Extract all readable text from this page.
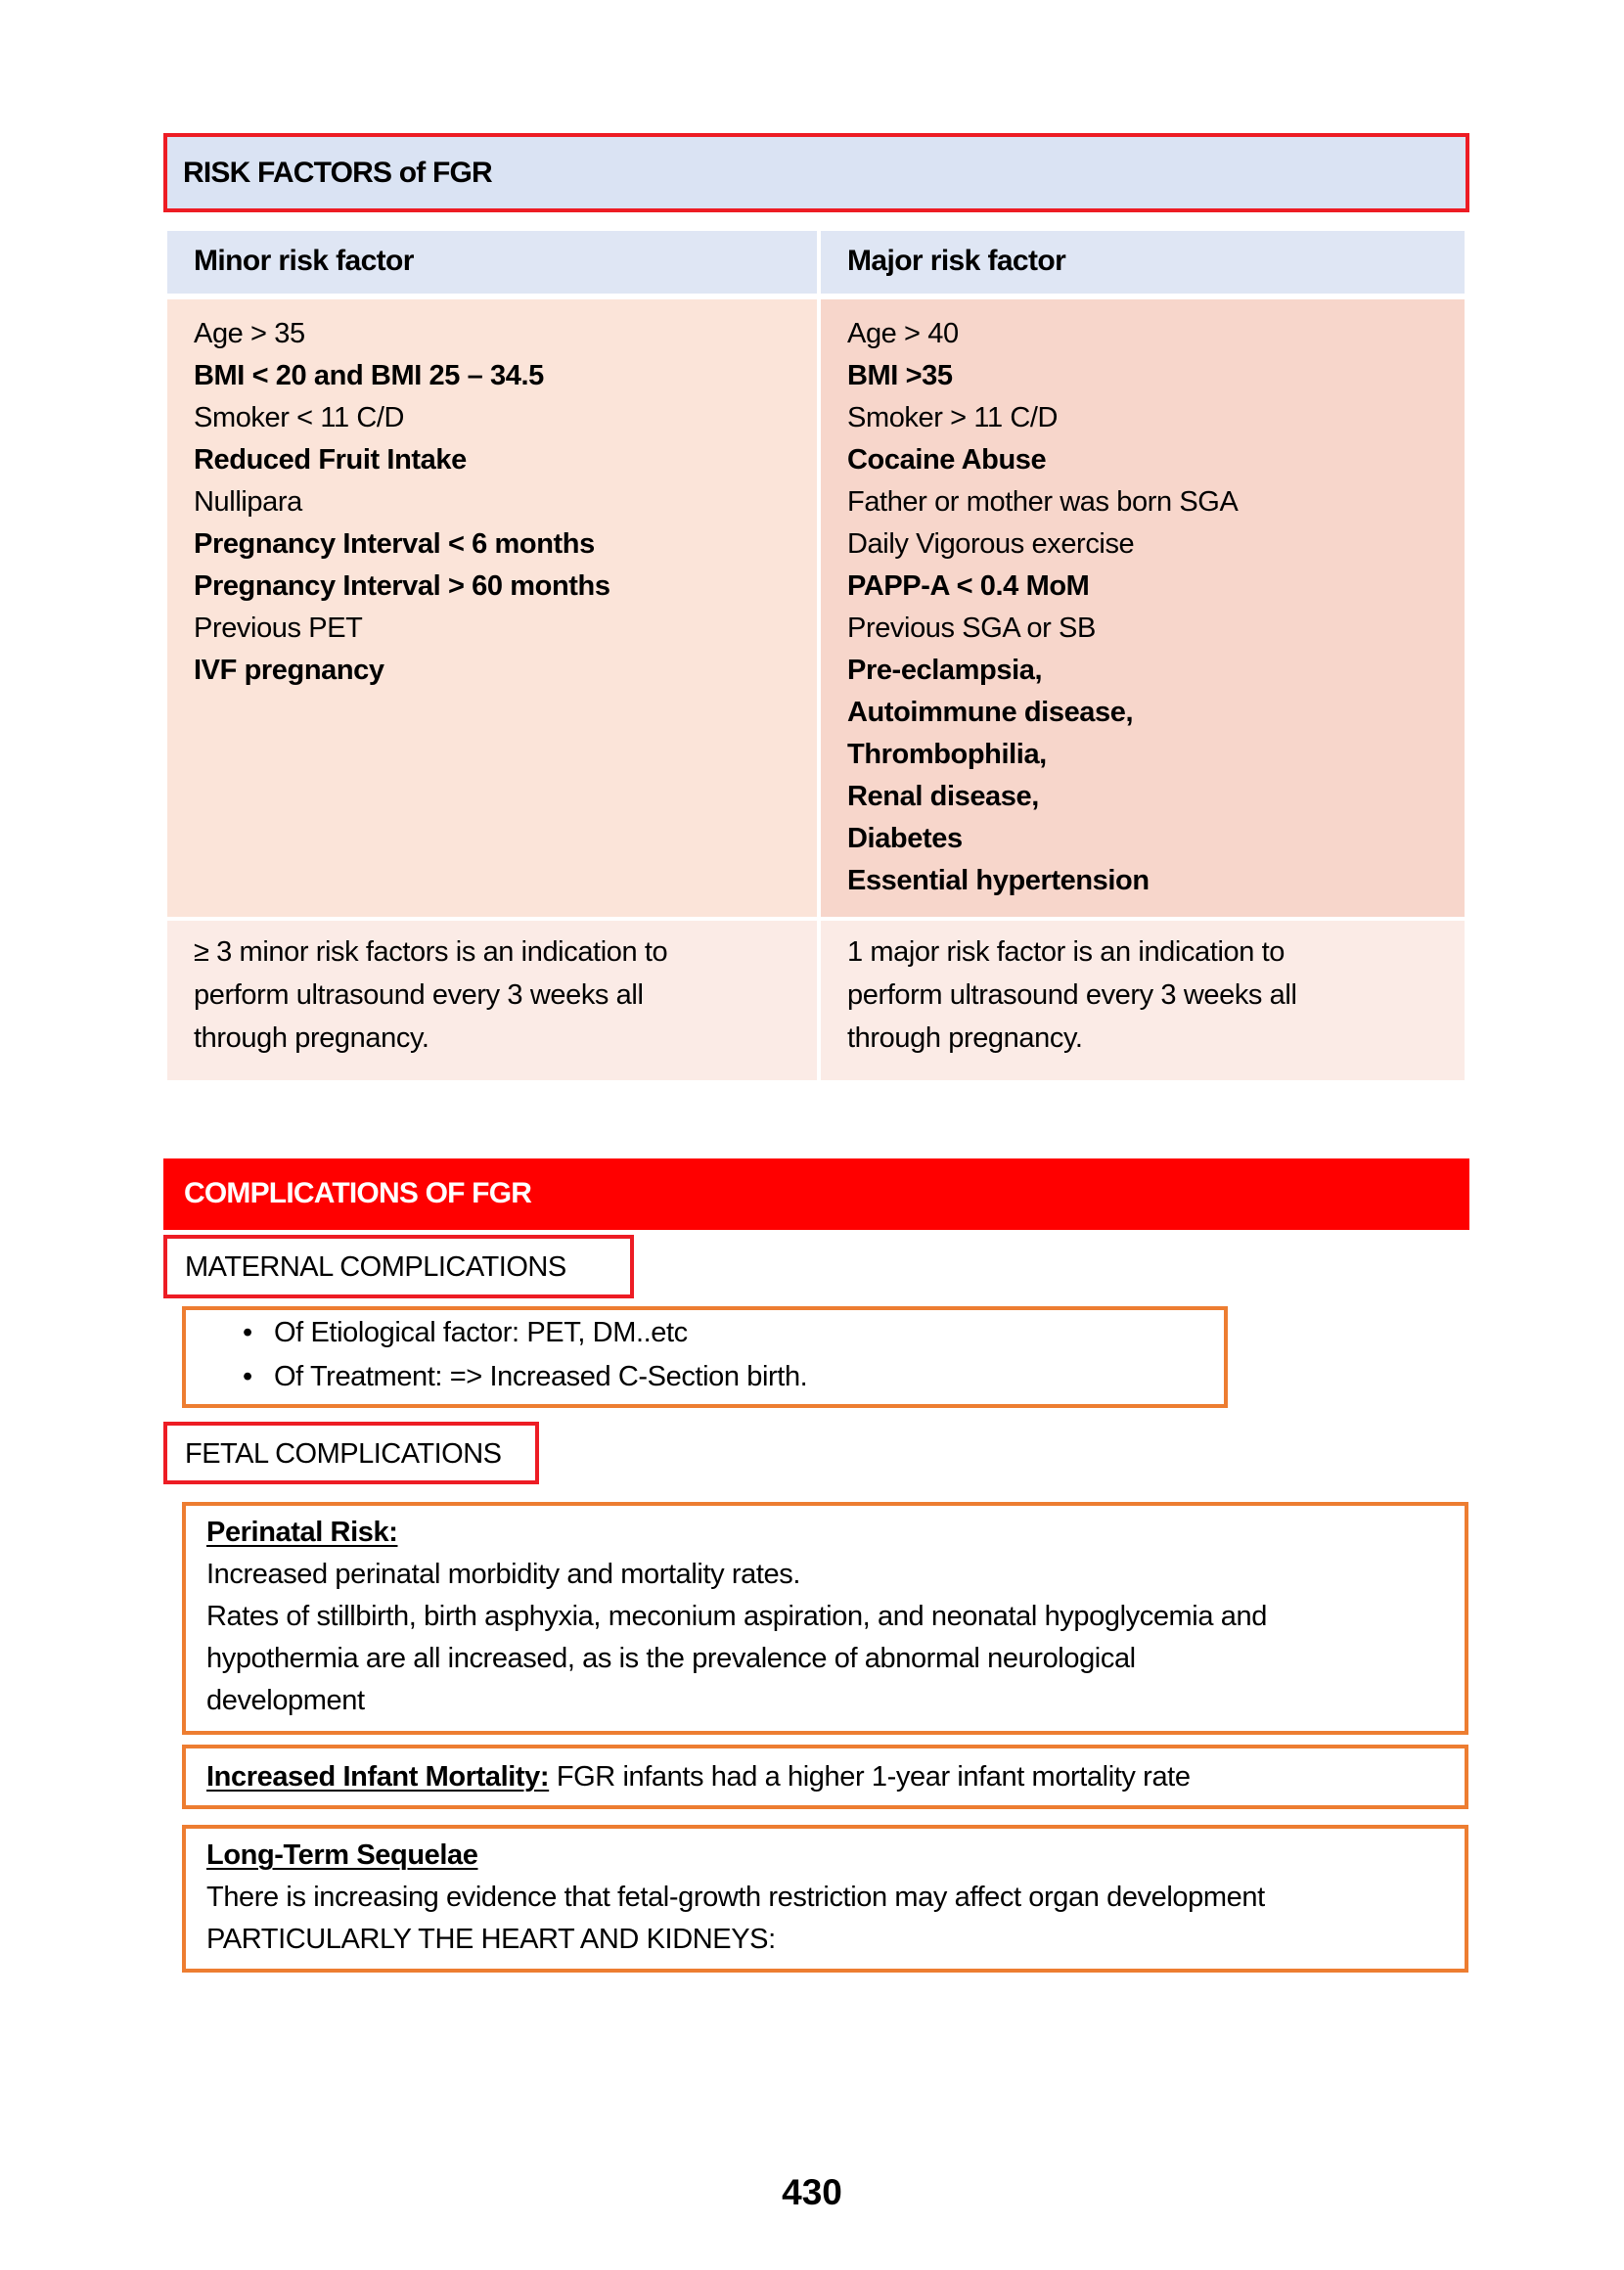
RISK FACTORS of FGR
Minor risk factor	Major risk factor
Age > 35
BMI < 20 and BMI 25 – 34.5
Smoker < 11 C/D
Reduced Fruit Intake
Nullipara
Pregnancy Interval < 6 months
Pregnancy Interval > 60 months
Previous PET
IVF pregnancy
Age > 40
BMI >35
Smoker > 11 C/D
Cocaine Abuse
Father or mother was born SGA
Daily Vigorous exercise
PAPP-A < 0.4 MoM
Previous SGA or SB
Pre-eclampsia,
Autoimmune disease,
Thrombophilia,
Renal disease,
Diabetes
Essential hypertension
≥ 3 minor risk factors is an indication to
perform ultrasound every 3 weeks all
through pregnancy.
1 major risk factor is an indication to
perform ultrasound every 3 weeks all
through pregnancy.
COMPLICATIONS OF FGR
MATERNAL COMPLICATIONS
• Of Etiological factor: PET, DM..etc
• Of Treatment: => Increased C-Section birth.
FETAL COMPLICATIONS
Perinatal Risk:
Increased perinatal morbidity and mortality rates.
Rates of stillbirth, birth asphyxia, meconium aspiration, and neonatal hypoglycemia and
hypothermia are all increased, as is the prevalence of abnormal neurological
development
Increased Infant Mortality: FGR infants had a higher 1-year infant mortality rate
Long-Term Sequelae
There is increasing evidence that fetal-growth restriction may affect organ development
PARTICULARLY THE HEART AND KIDNEYS:
430
